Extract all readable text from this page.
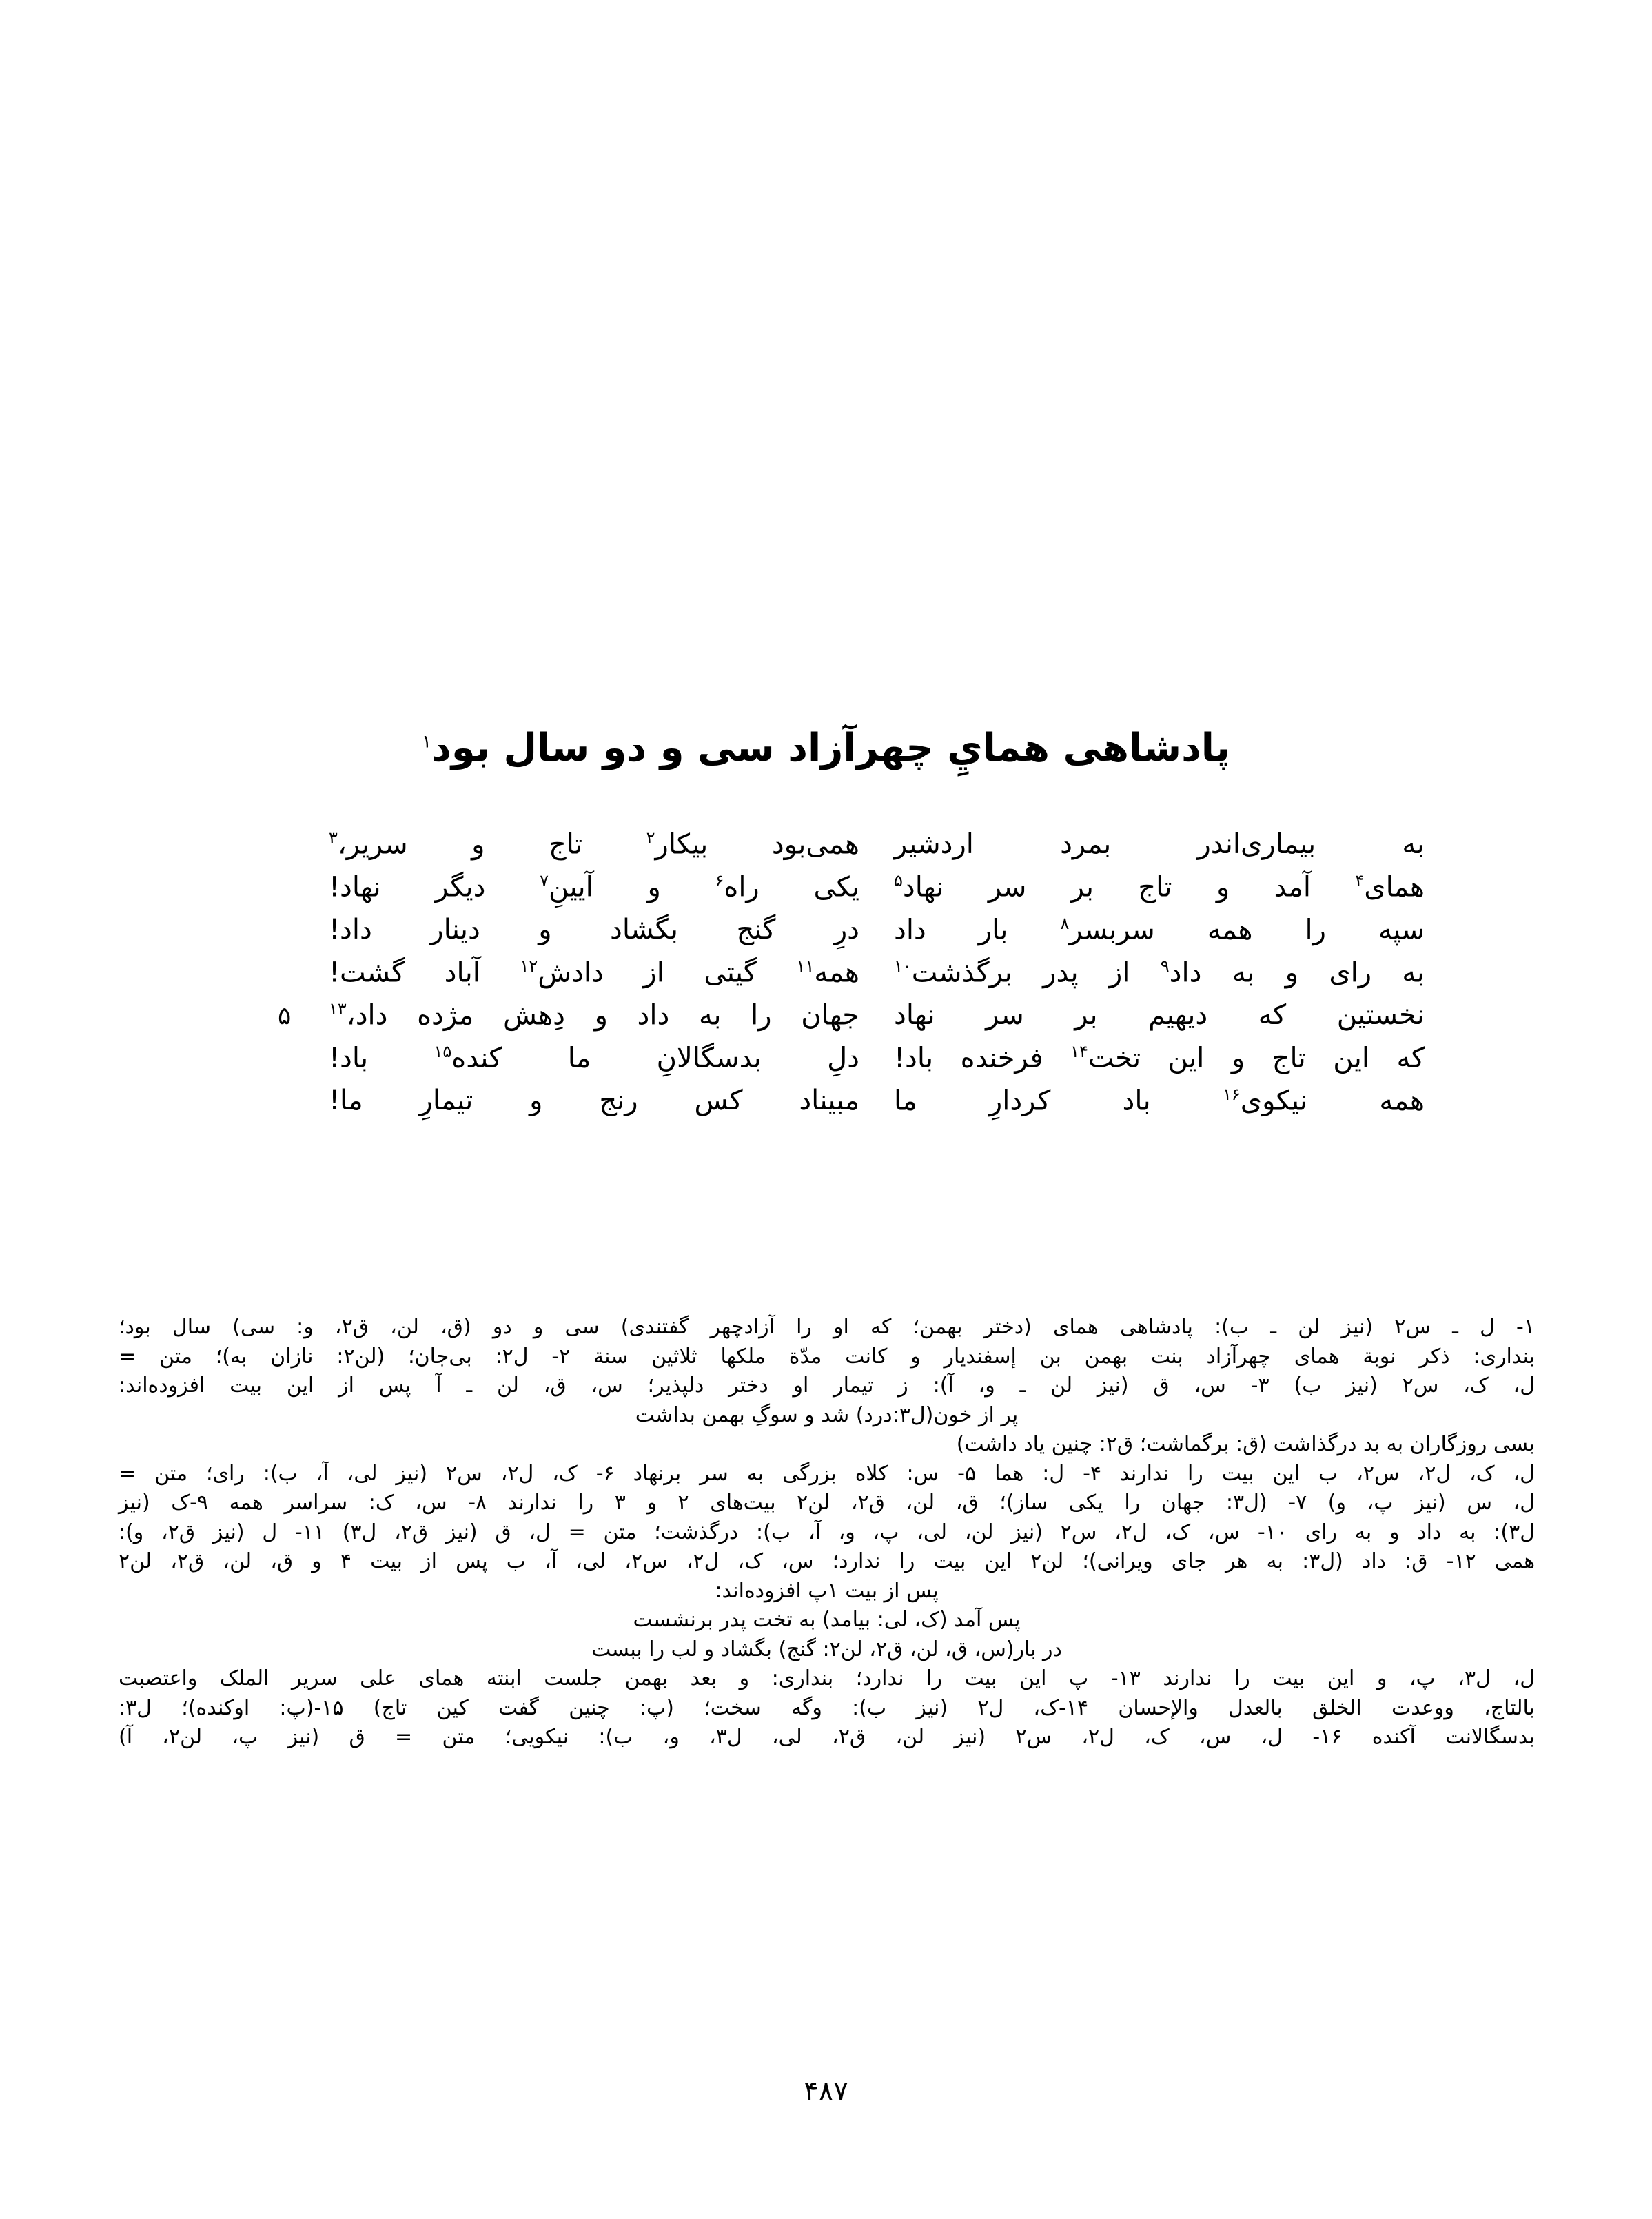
پادشاهی همايِ چهرآزاد سی و دو سال بود$^۱$
به بیماری‌اندر بمرد اردشیر
همی‌بود بیکار$^۲$ تاج و سریر،$^۳$
همای$^۴$ آمد و تاج بر سر نهاد$^۵$
یکی راه$^۶$ و آیینِ$^۷$ دیگر نهاد!
سپه را همه سربسر$^۸$ بار داد
درِ گنج بگشاد و دینار داد!
به رای و به داد$^۹$ از پدر برگذشت$^{۱۰}$
همه$^{۱۱}$ گیتی از دادش$^{۱۲}$ آباد گشت!
نخستین که دیهیم بر سر نهاد
جهان را به داد و دِهش مژده داد،$^{۱۳}$
۵
که این تاج و این تخت$^{۱۴}$ فرخنده باد!
دلِ بدسگالانِ ما کنده$^{۱۵}$ باد!
همه نیکوی$^{۱۶}$ باد کردارِ ما
مبیناد کس رنج و تیمارِ ما!
۱- ل ـ س۲ (نیز لن ـ ب): پادشاهی همای (دختر بهمن؛ که او را آزادچهر گفتندی) سی و دو (ق، لن، ق۲، و: سی) سال بود؛
بنداری: ذکر نوبة همای چهرآزاد بنت بهمن بن إسفندیار و کانت مدّة ملکها ثلاثین سنة ۲- ل۲: بی‌جان؛ (لن۲: نازان به)؛ متن =
ل، ک، س۲ (نیز ب) ۳- س، ق (نیز لن ـ و، آ): ز تیمار او دختر دلپذیر؛ س، ق، لن ـ آ پس از این بیت افزوده‌اند:
پر از خون(ل۳:درد) شد و سوگِ بهمن بداشت
بسی روزگاران به بد درگذاشت (ق: برگماشت؛ ق۲: چنین یاد داشت)
ل، ک، ل۲، س۲، ب این بیت را ندارند ۴- ل: هما ۵- س: کلاه بزرگی به سر برنهاد ۶- ک، ل۲، س۲ (نیز لی، آ، ب): رای؛ متن =
ل، س (نیز پ، و) ۷- (ل۳: جهان را یکی ساز)؛ ق، لن، ق۲، لن۲ بیت‌های ۲ و ۳ را ندارند ۸- س، ک: سراسر همه ۹-ک (نیز
ل۳): به داد و به رای ۱۰- س، ک، ل۲، س۲ (نیز لن، لی، پ، و، آ، ب): درگذشت؛ متن = ل، ق (نیز ق۲، ل۳) ۱۱- ل (نیز ق۲، و):
همی ۱۲- ق: داد (ل۳: به هر جای ویرانی)؛ لن۲ این بیت را ندارد؛ س، ک، ل۲، س۲، لی، آ، ب پس از بیت ۴ و ق، لن، ق۲، لن۲
پس از بیت ۱پ افزوده‌اند:
پس آمد (ک، لی: بیامد) به تخت پدر برنشست
در بار(س، ق، لن، ق۲، لن۲: گنج) بگشاد و لب را ببست
ل، ل۳، پ، و این بیت را ندارند ۱۳- پ این بیت را ندارد؛ بنداری: و بعد بهمن جلست ابنته همای علی سریر الملک واعتصبت
بالتاج، ووعدت الخلق بالعدل والإحسان ۱۴-ک، ل۲ (نیز ب): وگه سخت؛ (پ: چنین گفت کین تاج) ۱۵-(پ: اوکنده)؛ ل۳:
بدسگالانت آکنده ۱۶- ل، س، ک، ل۲، س۲ (نیز لن، ق۲، لی، ل۳، و، ب): نیکویی؛ متن = ق (نیز پ، لن۲، آ)
۴۸۷
